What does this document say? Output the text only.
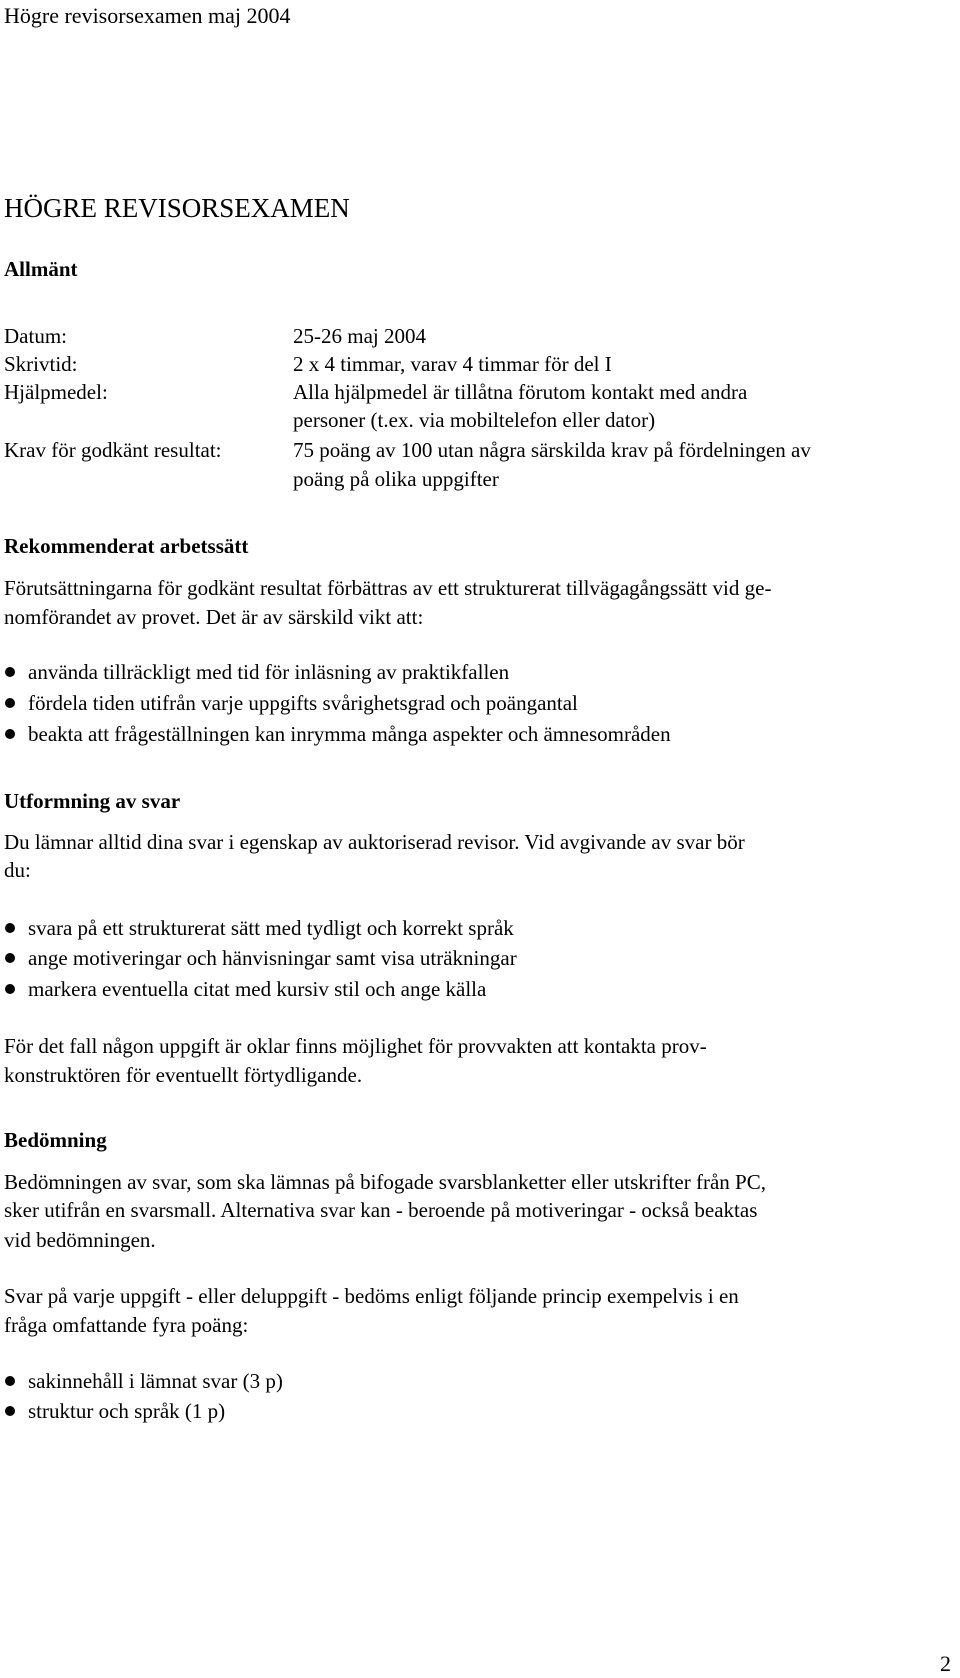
Högre revisorsexamen maj 2004
HÖGRE REVISORSEXAMEN
Allmänt
Datum:	25-26 maj 2004
Skrivtid:	2 x 4 timmar, varav 4 timmar för del I
Hjälpmedel:	Alla hjälpmedel är tillåtna förutom kontakt med andra
personer (t.ex. via mobiltelefon eller dator)
Krav för godkänt resultat:	75 poäng av 100 utan några särskilda krav på fördelningen av
poäng på olika uppgifter
Rekommenderat arbetssätt
Förutsättningarna för godkänt resultat förbättras av ett strukturerat tillvägagångssätt vid ge-
nomförandet av provet. Det är av särskild vikt att:
använda tillräckligt med tid för inläsning av praktikfallen
fördela tiden utifrån varje uppgifts svårighetsgrad och poängantal
beakta att frågeställningen kan inrymma många aspekter och ämnesområden
Utformning av svar
Du lämnar alltid dina svar i egenskap av auktoriserad revisor. Vid avgivande av svar bör
du:
svara på ett strukturerat sätt med tydligt och korrekt språk
ange motiveringar och hänvisningar samt visa uträkningar
markera eventuella citat med kursiv stil och ange källa
För det fall någon uppgift är oklar finns möjlighet för provvakten att kontakta prov-
konstruktören för eventuellt förtydligande.
Bedömning
Bedömningen av svar, som ska lämnas på bifogade svarsblanketter eller utskrifter från PC,
sker utifrån en svarsmall. Alternativa svar kan - beroende på motiveringar - också beaktas
vid bedömningen.
Svar på varje uppgift - eller deluppgift - bedöms enligt följande princip exempelvis i en
fråga omfattande fyra poäng:
sakinnehåll i lämnat svar (3 p)
struktur och språk (1 p)
2
